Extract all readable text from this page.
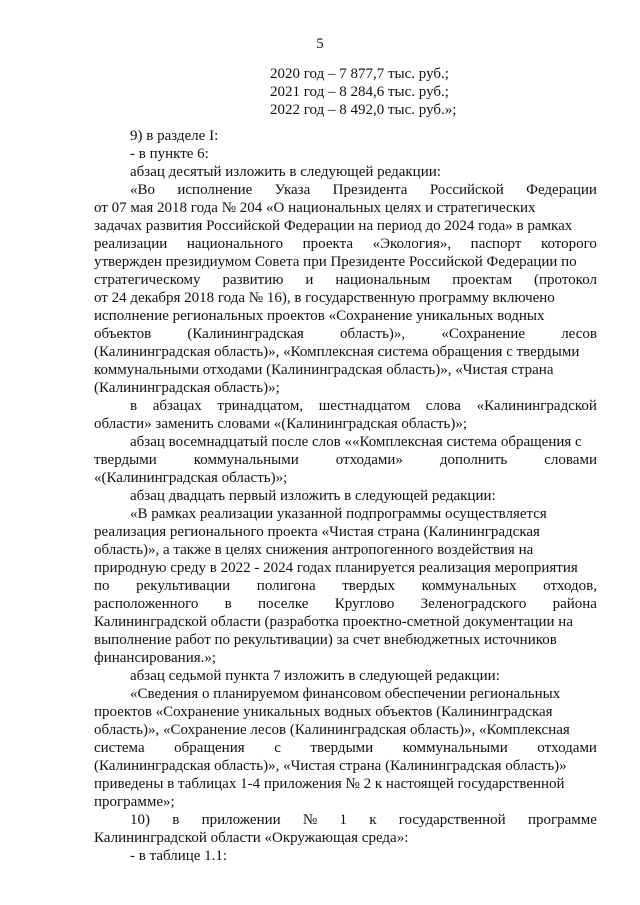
5
2020 год – 7 877,7 тыс. руб.;
2021 год – 8 284,6 тыс. руб.;
2022 год – 8 492,0 тыс. руб.»;
9) в разделе I:
- в пункте 6:
абзац десятый изложить в следующей редакции:
«Во исполнение Указа Президента Российской Федерации
от 07 мая 2018 года № 204 «О национальных целях и стратегических
задачах развития Российской Федерации на период до 2024 года» в рамках
реализации национального проекта «Экология», паспорт которого
утвержден президиумом Совета при Президенте Российской Федерации по
стратегическому развитию и национальным проектам (протокол
от 24 декабря 2018 года № 16), в государственную программу включено
исполнение региональных проектов «Сохранение уникальных водных
объектов (Калининградская область)», «Сохранение лесов
(Калининградская область)», «Комплексная система обращения с твердыми
коммунальными отходами (Калининградская область)», «Чистая страна
(Калининградская область)»;
в абзацах тринадцатом, шестнадцатом слова «Калининградской
области» заменить словами «(Калининградская область)»;
абзац восемнадцатый после слов ««Комплексная система обращения с
твердыми коммунальными отходами» дополнить словами
«(Калининградская область)»;
абзац двадцать первый изложить в следующей редакции:
«В рамках реализации указанной подпрограммы осуществляется
реализация регионального проекта «Чистая страна (Калининградская
область)», а также в целях снижения антропогенного воздействия на
природную среду в 2022 - 2024 годах планируется реализация мероприятия
по рекультивации полигона твердых коммунальных отходов,
расположенного в поселке Круглово Зеленоградского района
Калининградской области (разработка проектно-сметной документации на
выполнение работ по рекультивации) за счет внебюджетных источников
финансирования.»;
абзац седьмой пункта 7 изложить в следующей редакции:
«Сведения о планируемом финансовом обеспечении региональных
проектов «Сохранение уникальных водных объектов (Калининградская
область)», «Сохранение лесов (Калининградская область)», «Комплексная
система обращения с твердыми коммунальными отходами
(Калининградская область)», «Чистая страна (Калининградская область)»
приведены в таблицах 1-4 приложения № 2 к настоящей государственной
программе»;
10) в приложении № 1 к государственной программе
Калининградской области «Окружающая среда»:
- в таблице 1.1:
